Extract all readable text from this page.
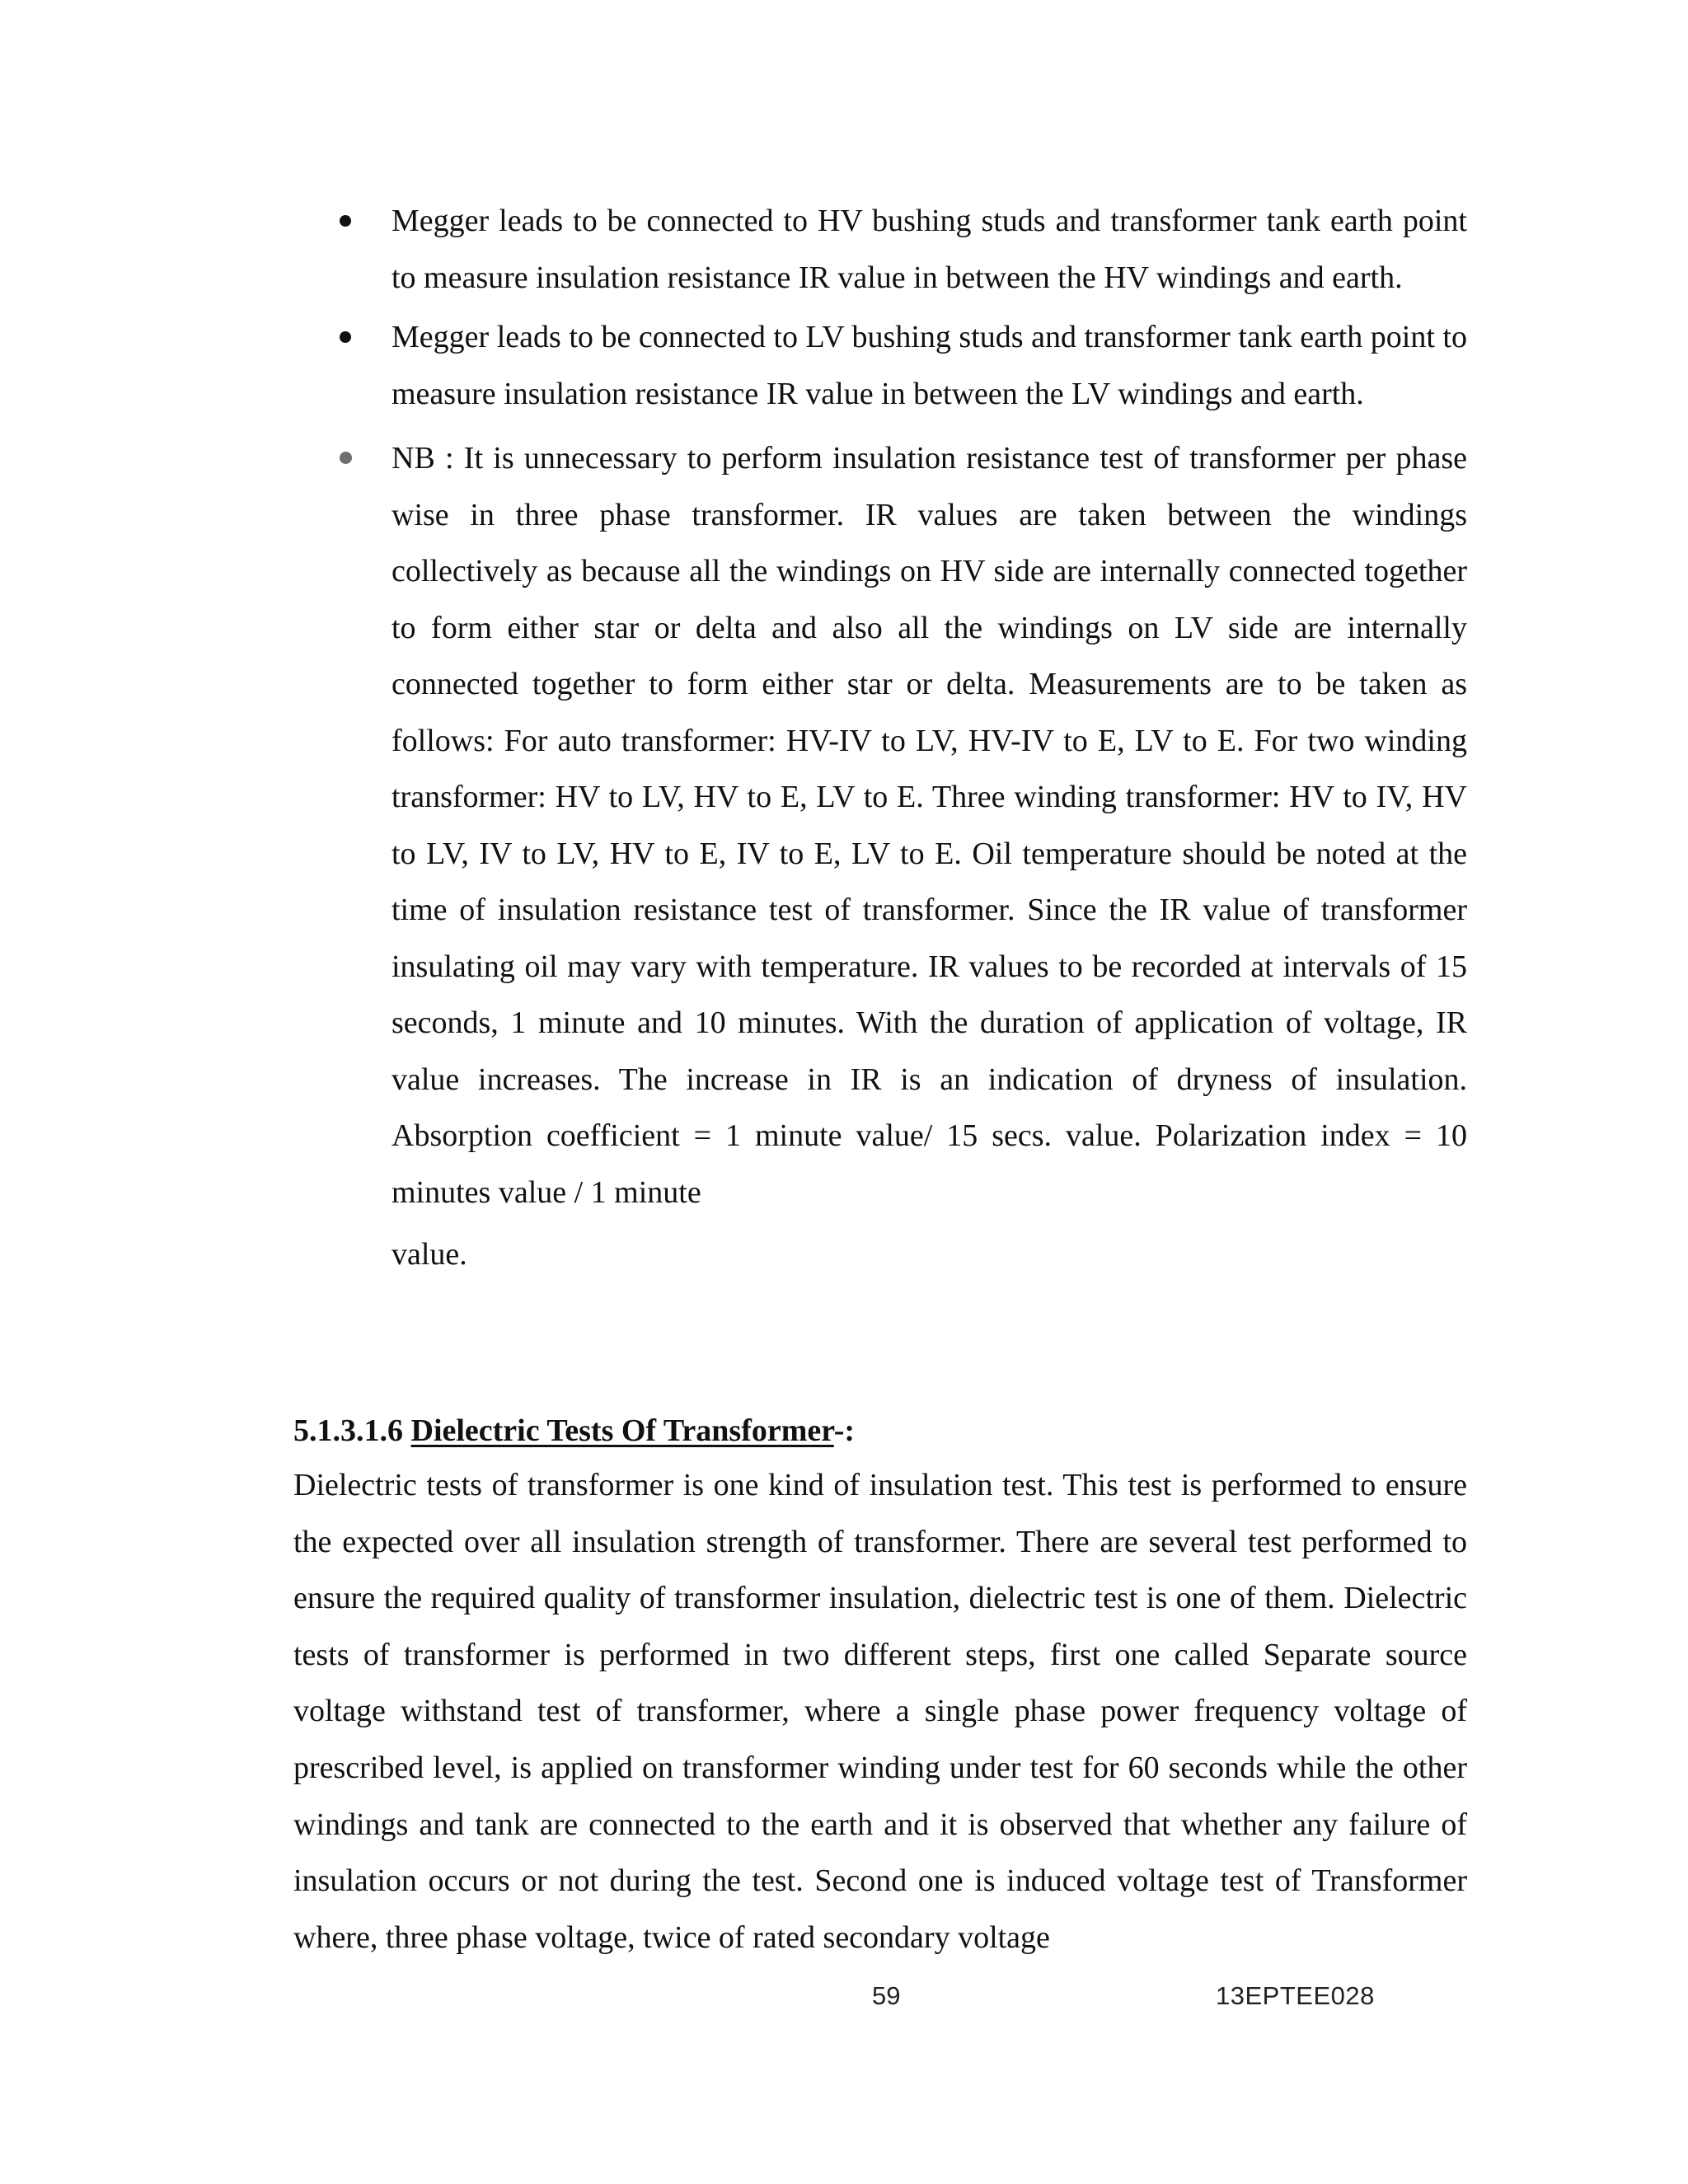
Megger leads to be connected to HV bushing studs and transformer tank earth point to measure insulation resistance IR value in between the HV windings and earth.
Megger leads to be connected to LV bushing studs and transformer tank earth point to measure insulation resistance IR value in between the LV windings and earth.
NB : It is unnecessary to perform insulation resistance test of transformer per phase wise in three phase transformer. IR values are taken between the windings collectively as because all the windings on HV side are internally connected together to form either star or delta and also all the windings on LV side are internally connected together to form either star or delta. Measurements are to be taken as follows: For auto transformer: HV-IV to LV, HV-IV to E, LV to E. For two winding transformer: HV to LV, HV to E, LV to E. Three winding transformer: HV to IV, HV to LV, IV to LV, HV to E, IV to E, LV to E. Oil temperature should be noted at the time of insulation resistance test of transformer. Since the IR value of transformer insulating oil may vary with temperature. IR values to be recorded at intervals of 15 seconds, 1 minute and 10 minutes. With the duration of application of voltage, IR value increases. The increase in IR is an indication of dryness of insulation. Absorption coefficient = 1 minute value/ 15 secs. value. Polarization index = 10 minutes value / 1 minute
value.
5.1.3.1.6 Dielectric Tests Of Transformer-:

Dielectric tests of transformer is one kind of insulation test. This test is performed to ensure the expected over all insulation strength of transformer. There are several test performed to ensure the required quality of transformer insulation, dielectric test is one of them. Dielectric tests of transformer is performed in two different steps, first one called Separate source voltage withstand test of transformer, where a single phase power frequency voltage of prescribed level, is applied on transformer winding under test for 60 seconds while the other windings and tank are connected to the earth and it is observed that whether any failure of insulation occurs or not during the test. Second one is induced voltage test of Transformer where, three phase voltage, twice of rated secondary voltage

59	13EPTEE028
